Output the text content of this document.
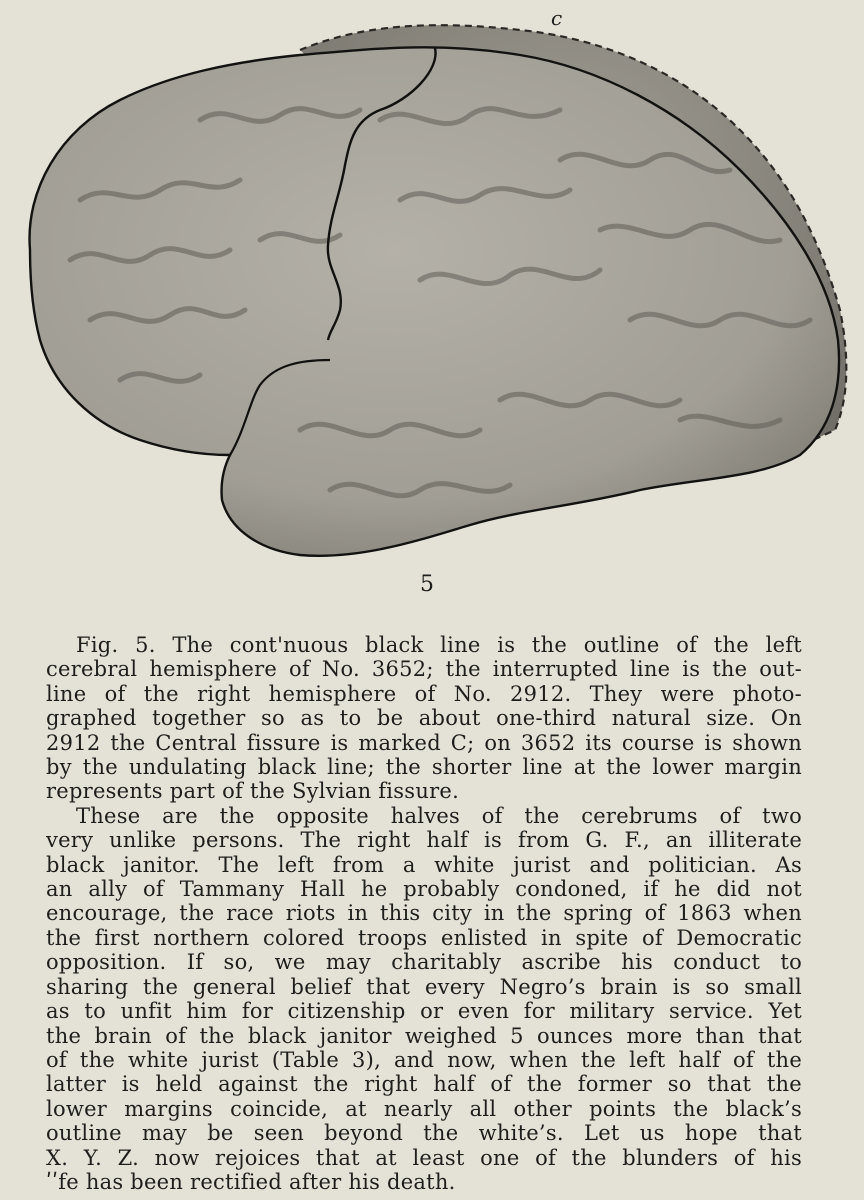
c
5
Fig. 5. The cont'nuous black line is the outline of the left
cerebral hemisphere of No. 3652; the interrupted line is the out-
line of the right hemisphere of No. 2912. They were photo-
graphed together so as to be about one-third natural size. On
2912 the Central fissure is marked C; on 3652 its course is shown
by the undulating black line; the shorter line at the lower margin
represents part of the Sylvian fissure.
These are the opposite halves of the cerebrums of two
very unlike persons. The right half is from G. F., an illiterate
black janitor. The left from a white jurist and politician. As
an ally of Tammany Hall he probably condoned, if he did not
encourage, the race riots in this city in the spring of 1863 when
the first northern colored troops enlisted in spite of Democratic
opposition. If so, we may charitably ascribe his conduct to
sharing the general belief that every Negro’s brain is so small
as to unfit him for citizenship or even for military service. Yet
the brain of the black janitor weighed 5 ounces more than that
of the white jurist (Table 3), and now, when the left half of the
latter is held against the right half of the former so that the
lower margins coincide, at nearly all other points the black’s
outline may be seen beyond the white’s. Let us hope that
X. Y. Z. now rejoices that at least one of the blunders of his
ʹʹfe has been rectified after his death.
